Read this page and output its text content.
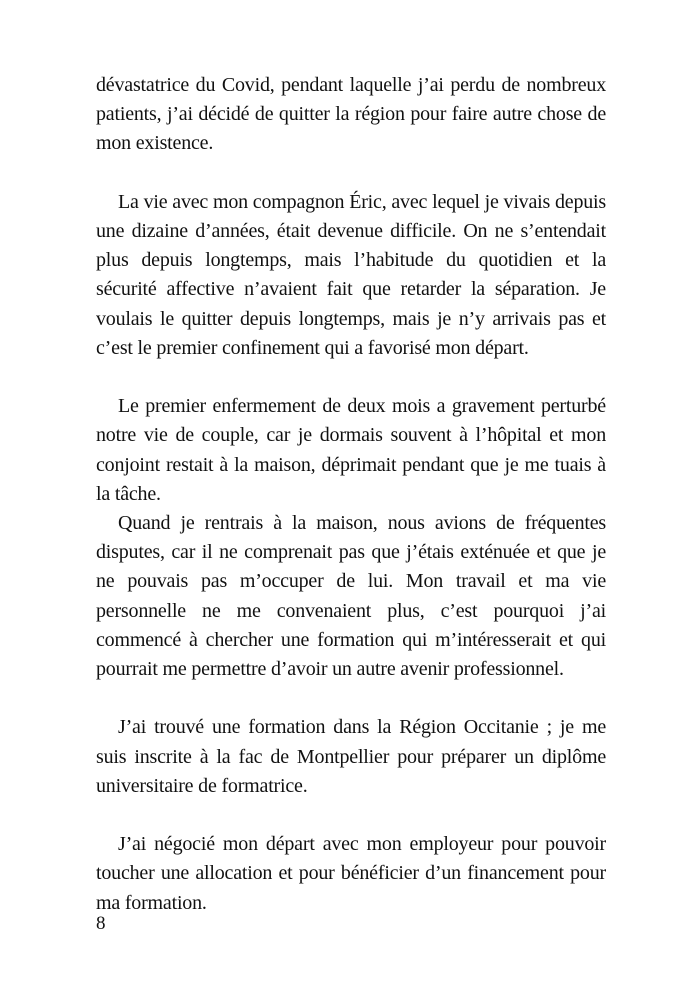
dévastatrice du Covid, pendant laquelle j’ai perdu de nombreux patients, j’ai décidé de quitter la région pour faire autre chose de mon existence.

La vie avec mon compagnon Éric, avec lequel je vivais depuis une dizaine d’années, était devenue difficile. On ne s’entendait plus depuis longtemps, mais l’habitude du quotidien et la sécurité affective n’avaient fait que retarder la séparation. Je voulais le quitter depuis longtemps, mais je n’y arrivais pas et c’est le premier confinement qui a favorisé mon départ.

Le premier enfermement de deux mois a gravement perturbé notre vie de couple, car je dormais souvent à l’hôpital et mon conjoint restait à la maison, déprimait pendant que je me tuais à la tâche.

Quand je rentrais à la maison, nous avions de fréquentes disputes, car il ne comprenait pas que j’étais exténuée et que je ne pouvais pas m’occuper de lui. Mon travail et ma vie personnelle ne me convenaient plus, c’est pourquoi j’ai commencé à chercher une formation qui m’intéresserait et qui pourrait me permettre d’avoir un autre avenir professionnel.

J’ai trouvé une formation dans la Région Occitanie ; je me suis inscrite à la fac de Montpellier pour préparer un diplôme universitaire de formatrice.

J’ai négocié mon départ avec mon employeur pour pouvoir toucher une allocation et pour bénéficier d’un financement pour ma formation.

8
